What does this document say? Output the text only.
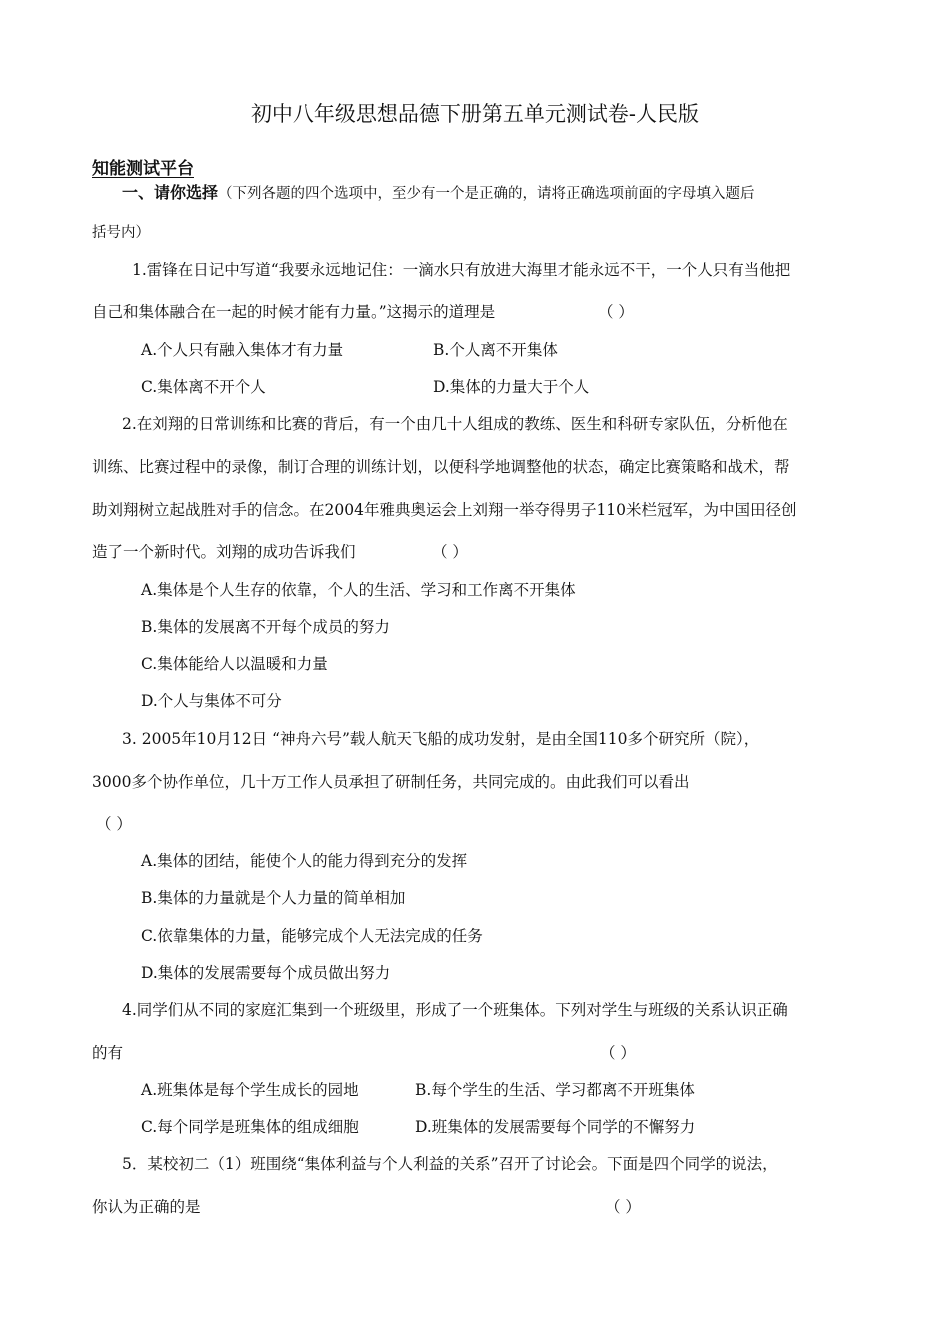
初中八年级思想品德下册第五单元测试卷-人民版
知能测试平台
一、请你选择（下列各题的四个选项中，至少有一个是正确的，请将正确选项前面的字母填入题后
括号内）
1.雷锋在日记中写道“我要永远地记住：一滴水只有放进大海里才能永远不干，一个人只有当他把
自己和集体融合在一起的时候才能有力量。”这揭示的道理是	（ ）
A.个人只有融入集体才有力量	B.个人离不开集体
C.集体离不开个人	D.集体的力量大于个人
2.在刘翔的日常训练和比赛的背后，有一个由几十人组成的教练、医生和科研专家队伍，分析他在
训练、比赛过程中的录像，制订合理的训练计划，以便科学地调整他的状态，确定比赛策略和战术，帮
助刘翔树立起战胜对手的信念。在2004年雅典奥运会上刘翔一举夺得男子110米栏冠军，为中国田径创
造了一个新时代。刘翔的成功告诉我们	（ ）
A.集体是个人生存的依靠，个人的生活、学习和工作离不开集体
B.集体的发展离不开每个成员的努力
C.集体能给人以温暖和力量
D.个人与集体不可分
3. 2005年10月12日 “神舟六号”载人航天飞船的成功发射，是由全国110多个研究所（院），
3000多个协作单位，几十万工作人员承担了研制任务，共同完成的。由此我们可以看出
（ ）
A.集体的团结，能使个人的能力得到充分的发挥
B.集体的力量就是个人力量的简单相加
C.依靠集体的力量，能够完成个人无法完成的任务
D.集体的发展需要每个成员做出努力
4.同学们从不同的家庭汇集到一个班级里，形成了一个班集体。下列对学生与班级的关系认识正确
的有	（ ）
A.班集体是每个学生成长的园地	B.每个学生的生活、学习都离不开班集体
C.每个同学是班集体的组成细胞	D.班集体的发展需要每个同学的不懈努力
5．某校初二（1）班围绕“集体利益与个人利益的关系”召开了讨论会。下面是四个同学的说法，
你认为正确的是	（ ）
